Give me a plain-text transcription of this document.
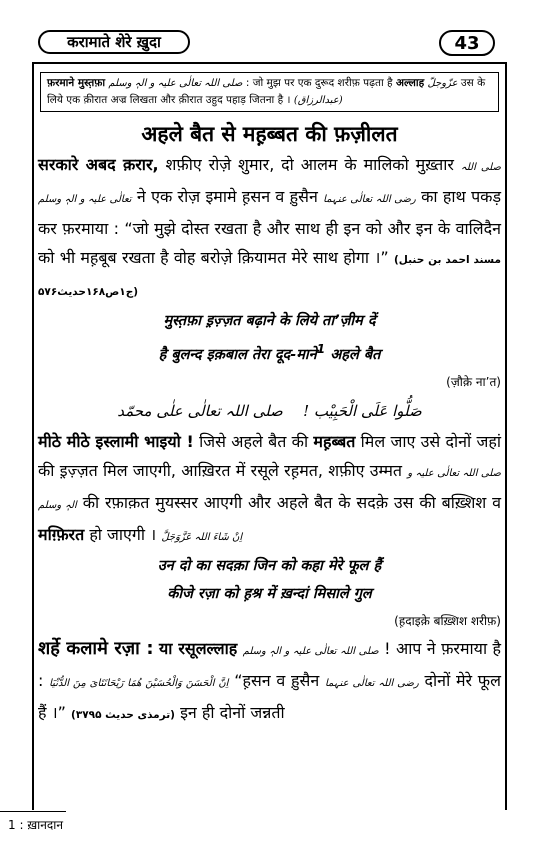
करामाते शेरे ख़ुदा	43
फ़रमाने मुस्त़फ़ा صلی اللہ تعالٰی علیہ و الہٖ وسلم : जो मुझ पर एक दुरूद शरीफ़ पढ़ता है अल्लाह عزّوجلّ उस के लिये एक क़ीरात अज्र लिखता और क़ीरात उहुद पहाड़ जितना है । (عبدالرزاق)
अहले बैत से मह़ब्बत की फ़ज़ीलत

सरकारे अबद क़रार, शफ़ीए रोज़े शुमार, दो आलम के मालिको मुख़्तार صلی اللہ تعالٰی علیہ و الہٖ وسلم ने एक रोज़ इमामे ह़सन व ह़ुसैन رضی اللہ تعالٰی عنہما का हाथ पकड़ कर फ़रमाया : “जो मुझे दोस्त रखता है और साथ ही इन को और इन के वालिदैन को भी मह़बूब रखता है वोह बरोज़े क़ियामत मेरे साथ होगा ।” (مسند احمد بن حنبل ج۱ص۱۶۸حدیث۵۷۶)

मुस्त़फ़ा इ़ज़्ज़त बढ़ाने के लिये ता’ज़ीम दें

है बुलन्द इक़बाल तेरा दूद-माने$^1$ अहले बैत

(ज़ौक़े ना’त)

صَلُّوا عَلَی الْحَبِیْب !    صلی اللہ تعالٰی علٰی محمّد

मीठे मीठे इस्लामी भाइयो ! जिसे अहले बैत की मह़ब्बत मिल जाए उसे दोनों जहां की इ़ज़्ज़त मिल जाएगी, आख़िरत में रसूले रह़मत, शफ़ीए उम्मत صلی اللہ تعالٰی علیہ و الہٖ وسلم की रफ़ाक़त मुयस्सर आएगी और अहले बैत के सदक़े उस की बख़्शिश व मग़्फ़िरत हो जाएगी । اِنْ شَاءَ اللہ عَزَّوَجَلَّ

उन दो का सदक़ा जिन को कहा मेरे फूल हैं

कीजे रज़ा को ह़श्र में ख़न्दां मिसाले गुल

(ह़दाइक़े बख़्शिश शरीफ़)

शर्हे कलामे रज़ा : या रसूलल्लाह صلی اللہ تعالٰی علیہ و الہٖ وسلم ! आप ने फ़रमाया है : اِنَّ الْحَسَنَ وَالْحُسَیْنَ هُمَا رَیْحَانَتَایَ مِنَ الدُّنْیَا “ह़सन व ह़ुसैन رضی اللہ تعالٰی عنہما दोनों मेरे फूल हैं ।” (ترمذی حدیث ۳۷۹۵) इन ही दोनों जन्नती

1 : ख़ानदान
